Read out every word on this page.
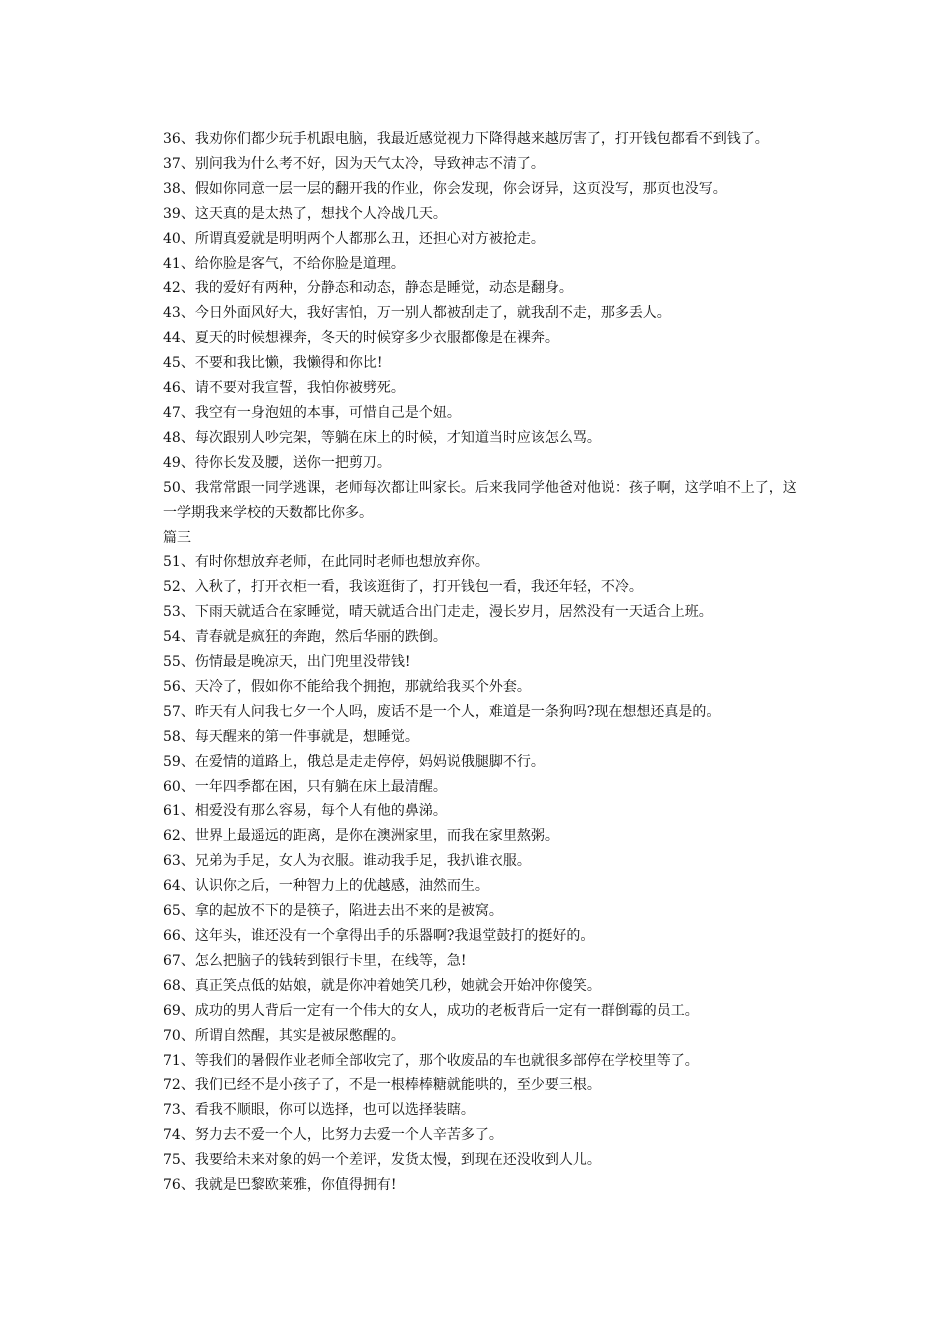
36、我劝你们都少玩手机跟电脑，我最近感觉视力下降得越来越厉害了，打开钱包都看不到钱了。

37、别问我为什么考不好，因为天气太冷，导致神志不清了。

38、假如你同意一层一层的翻开我的作业，你会发现，你会讶异，这页没写，那页也没写。

39、这天真的是太热了，想找个人冷战几天。

40、所谓真爱就是明明两个人都那么丑，还担心对方被抢走。

41、给你脸是客气，不给你脸是道理。

42、我的爱好有两种，分静态和动态，静态是睡觉，动态是翻身。

43、今日外面风好大，我好害怕，万一别人都被刮走了，就我刮不走，那多丢人。

44、夏天的时候想裸奔，冬天的时候穿多少衣服都像是在裸奔。

45、不要和我比懒，我懒得和你比!

46、请不要对我宣誓，我怕你被劈死。

47、我空有一身泡妞的本事，可惜自己是个妞。

48、每次跟别人吵完架，等躺在床上的时候，才知道当时应该怎么骂。

49、待你长发及腰，送你一把剪刀。

50、我常常跟一同学逃课，老师每次都让叫家长。后来我同学他爸对他说：孩子啊，这学咱不上了，这一学期我来学校的天数都比你多。

篇三

51、有时你想放弃老师，在此同时老师也想放弃你。

52、入秋了，打开衣柜一看，我该逛街了，打开钱包一看，我还年轻，不冷。

53、下雨天就适合在家睡觉，晴天就适合出门走走，漫长岁月，居然没有一天适合上班。

54、青春就是疯狂的奔跑，然后华丽的跌倒。

55、伤情最是晚凉天，出门兜里没带钱!

56、天冷了，假如你不能给我个拥抱，那就给我买个外套。

57、昨天有人问我七夕一个人吗，废话不是一个人，难道是一条狗吗?现在想想还真是的。

58、每天醒来的第一件事就是，想睡觉。

59、在爱情的道路上，俄总是走走停停，妈妈说俄腿脚不行。

60、一年四季都在困，只有躺在床上最清醒。

61、相爱没有那么容易，每个人有他的鼻涕。

62、世界上最遥远的距离，是你在澳洲家里，而我在家里熬粥。

63、兄弟为手足，女人为衣服。谁动我手足，我扒谁衣服。

64、认识你之后，一种智力上的优越感，油然而生。

65、拿的起放不下的是筷子，陷进去出不来的是被窝。

66、这年头，谁还没有一个拿得出手的乐器啊?我退堂鼓打的挺好的。

67、怎么把脑子的钱转到银行卡里，在线等，急!

68、真正笑点低的姑娘，就是你冲着她笑几秒，她就会开始冲你傻笑。

69、成功的男人背后一定有一个伟大的女人，成功的老板背后一定有一群倒霉的员工。

70、所谓自然醒，其实是被尿憋醒的。

71、等我们的暑假作业老师全部收完了，那个收废品的车也就很多部停在学校里等了。

72、我们已经不是小孩子了，不是一根棒棒糖就能哄的，至少要三根。

73、看我不顺眼，你可以选择，也可以选择装瞎。

74、努力去不爱一个人，比努力去爱一个人辛苦多了。

75、我要给未来对象的妈一个差评，发货太慢，到现在还没收到人儿。

76、我就是巴黎欧莱雅，你值得拥有!
